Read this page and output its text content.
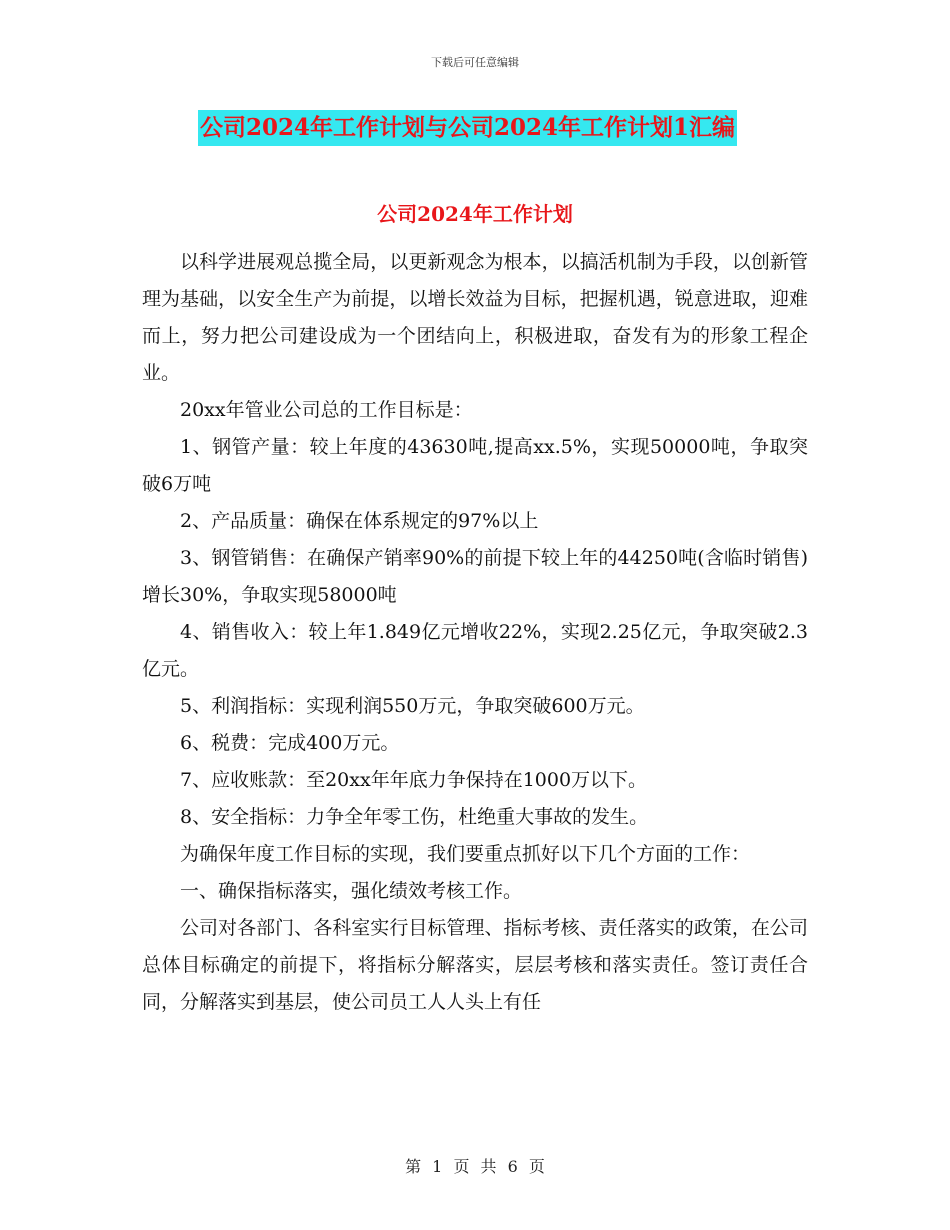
下载后可任意编辑
公司2024年工作计划与公司2024年工作计划1汇编
公司2024年工作计划

以科学进展观总揽全局，以更新观念为根本，以搞活机制为手段，以创新管理为基础，以安全生产为前提，以增长效益为目标，把握机遇，锐意进取，迎难而上，努力把公司建设成为一个团结向上，积极进取，奋发有为的形象工程企业。

20xx年管业公司总的工作目标是：

1、钢管产量：较上年度的43630吨,提高xx.5%，实现50000吨，争取突破6万吨

2、产品质量：确保在体系规定的97%以上

3、钢管销售：在确保产销率90%的前提下较上年的44250吨(含临时销售)增长30%，争取实现58000吨

4、销售收入：较上年1.849亿元增收22%，实现2.25亿元，争取突破2.3亿元。

5、利润指标：实现利润550万元，争取突破600万元。

6、税费：完成400万元。

7、应收账款：至20xx年年底力争保持在1000万以下。

8、安全指标：力争全年零工伤，杜绝重大事故的发生。

为确保年度工作目标的实现，我们要重点抓好以下几个方面的工作：

一、确保指标落实，强化绩效考核工作。

公司对各部门、各科室实行目标管理、指标考核、责任落实的政策，在公司总体目标确定的前提下，将指标分解落实，层层考核和落实责任。签订责任合同，分解落实到基层，使公司员工人人头上有任

第 1 页 共 6 页
